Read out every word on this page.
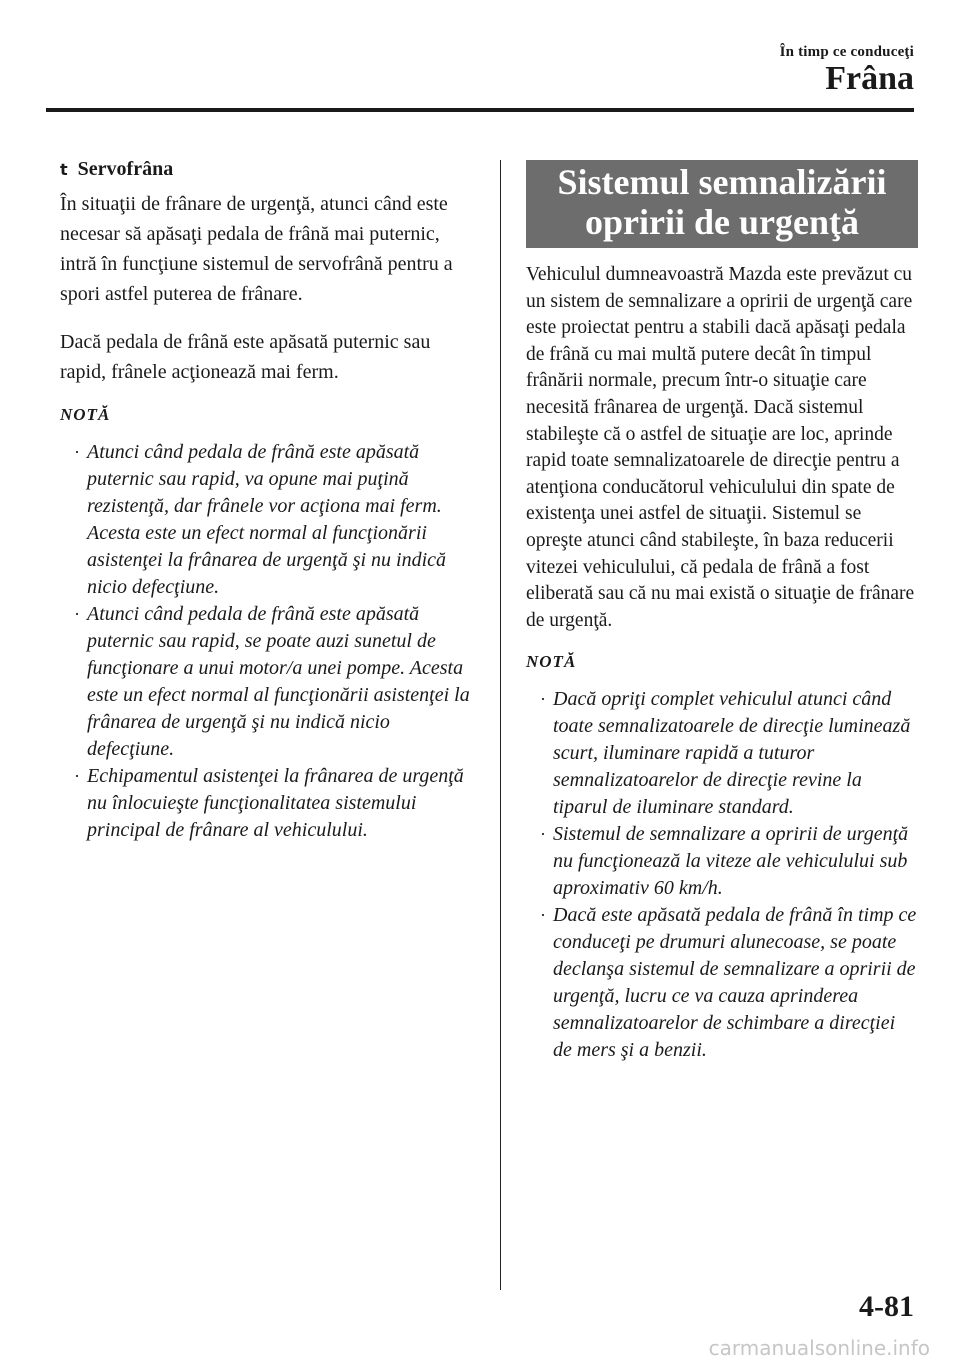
În timp ce conduceţi
Frâna
t Servofrâna

În situaţii de frânare de urgenţă, atunci când este necesar să apăsaţi pedala de frână mai puternic, intră în funcţiune sistemul de servofrână pentru a spori astfel puterea de frânare.

Dacă pedala de frână este apăsată puternic sau rapid, frânele acţionează mai ferm.

NOTĂ
· Atunci când pedala de frână este apăsată puternic sau rapid, va opune mai puţină rezistenţă, dar frânele vor acţiona mai ferm. Acesta este un efect normal al funcţionării asistenţei la frânarea de urgenţă şi nu indică nicio defecţiune.
· Atunci când pedala de frână este apăsată puternic sau rapid, se poate auzi sunetul de funcţionare a unui motor/a unei pompe. Acesta este un efect normal al funcţionării asistenţei la frânarea de urgenţă şi nu indică nicio defecţiune.
· Echipamentul asistenţei la frânarea de urgenţă nu înlocuieşte funcţionalitatea sistemului principal de frânare al vehiculului.
Sistemul semnalizării
opririi de urgenţă

Vehiculul dumneavoastră Mazda este prevăzut cu un sistem de semnalizare a opririi de urgenţă care este proiectat pentru a stabili dacă apăsaţi pedala de frână cu mai multă putere decât în timpul frânării normale, precum într-o situaţie care necesită frânarea de urgenţă. Dacă sistemul stabileşte că o astfel de situaţie are loc, aprinde rapid toate semnalizatoarele de direcţie pentru a atenţiona conducătorul vehiculului din spate de existenţa unei astfel de situaţii. Sistemul se opreşte atunci când stabileşte, în baza reducerii vitezei vehiculului, că pedala de frână a fost eliberată sau că nu mai există o situaţie de frânare de urgenţă.

NOTĂ
· Dacă opriţi complet vehiculul atunci când toate semnalizatoarele de direcţie luminează scurt, iluminare rapidă a tuturor semnalizatoarelor de direcţie revine la tiparul de iluminare standard.
· Sistemul de semnalizare a opririi de urgenţă nu funcţionează la viteze ale vehiculului sub aproximativ 60 km/h.
· Dacă este apăsată pedala de frână în timp ce conduceţi pe drumuri alunecoase, se poate declanşa sistemul de semnalizare a opririi de urgenţă, lucru ce va cauza aprinderea semnalizatoarelor de schimbare a direcţiei de mers şi a benzii.
4-81
carmanualsonline.info
